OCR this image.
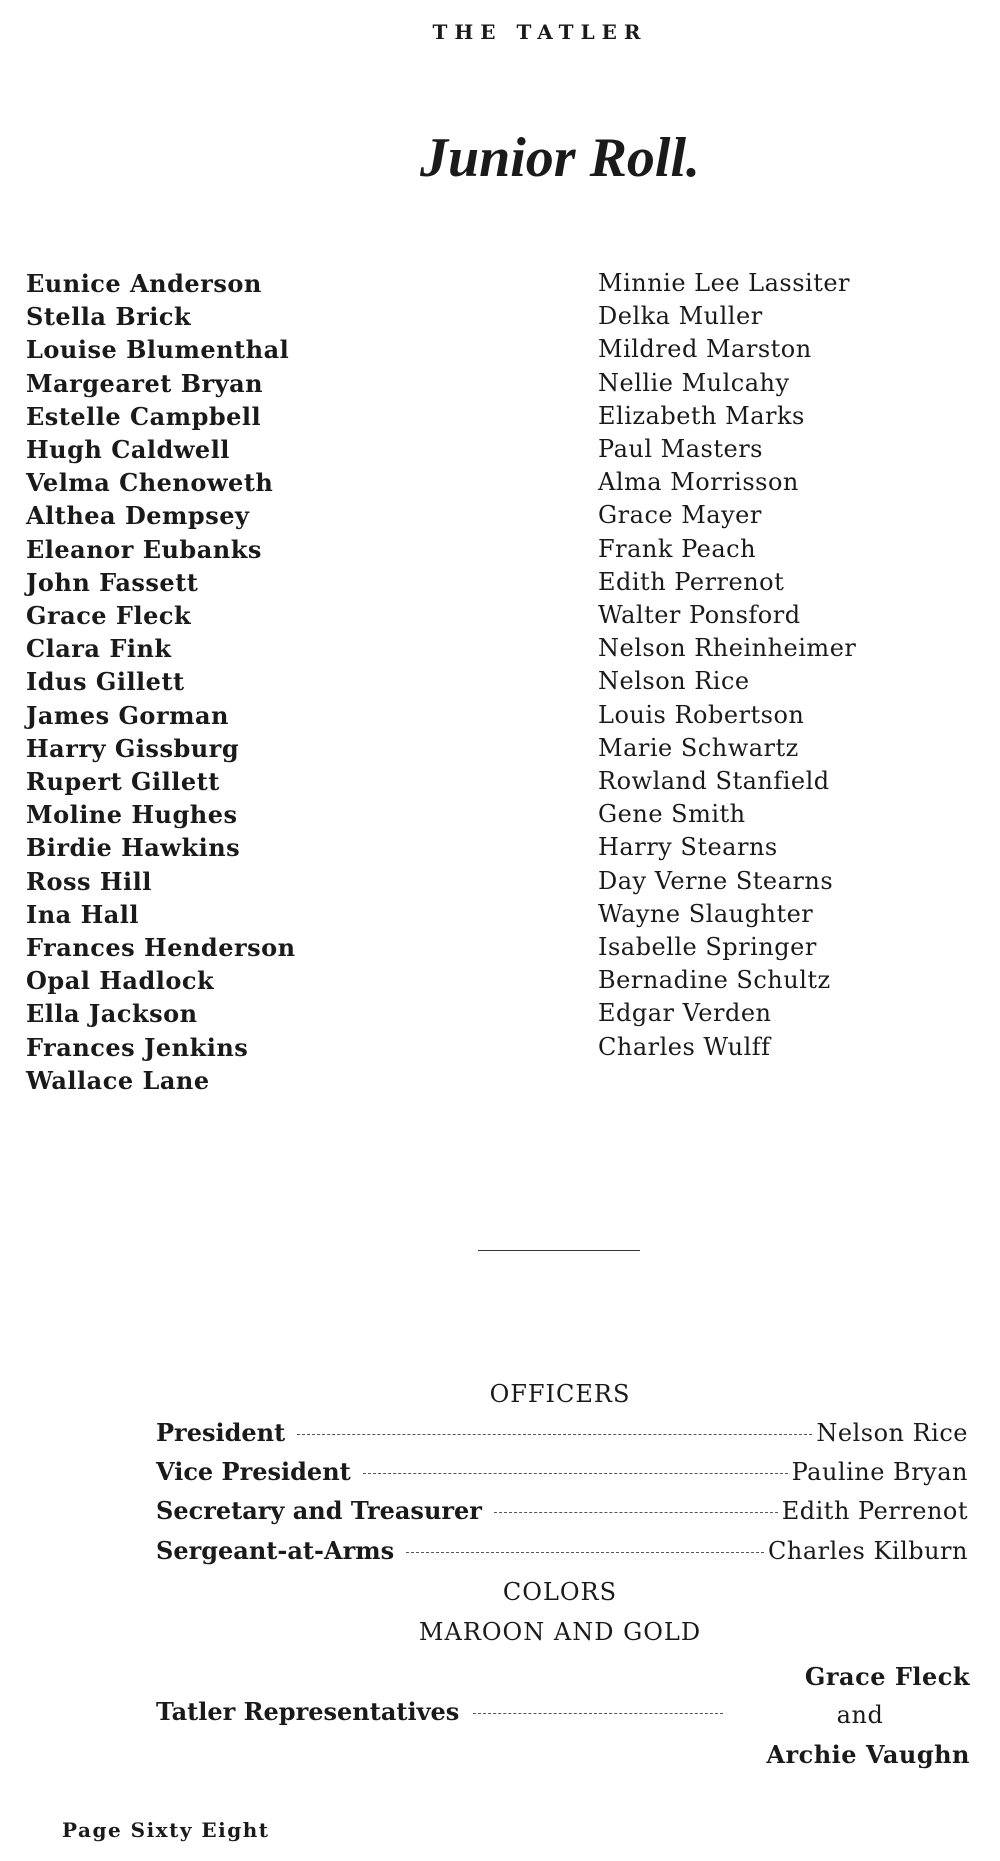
THE TATLER
Junior Roll.
Eunice Anderson
Stella Brick
Louise Blumenthal
Margearet Bryan
Estelle Campbell
Hugh Caldwell
Velma Chenoweth
Althea Dempsey
Eleanor Eubanks
John Fassett
Grace Fleck
Clara Fink
Idus Gillett
James Gorman
Harry Gissburg
Rupert Gillett
Moline Hughes
Birdie Hawkins
Ross Hill
Ina Hall
Frances Henderson
Opal Hadlock
Ella Jackson
Frances Jenkins
Wallace Lane
Minnie Lee Lassiter
Delka Muller
Mildred Marston
Nellie Mulcahy
Elizabeth Marks
Paul Masters
Alma Morrisson
Grace Mayer
Frank Peach
Edith Perrenot
Walter Ponsford
Nelson Rheinheimer
Nelson Rice
Louis Robertson
Marie Schwartz
Rowland Stanfield
Gene Smith
Harry Stearns
Day Verne Stearns
Wayne Slaughter
Isabelle Springer
Bernadine Schultz
Edgar Verden
Charles Wulff
OFFICERS
President	Nelson Rice
Vice President	Pauline Bryan
Secretary and Treasurer	Edith Perrenot
Sergeant-at-Arms	Charles Kilburn
COLORS
MAROON AND GOLD
Tatler Representatives
Grace Fleck
and
Archie Vaughn
Page Sixty Eight
